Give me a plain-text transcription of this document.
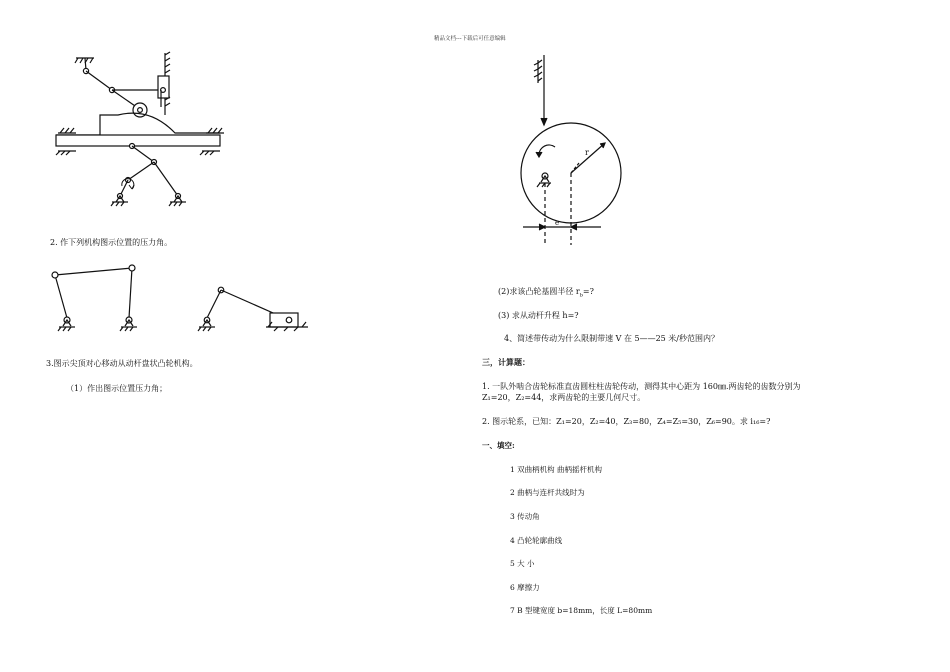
精品文档---下载后可任意编辑
2. 作下列机构图示位置的压力角。
3.图示尖顶对心移动从动杆盘状凸轮机构。
（1）作出图示位置压力角；
r
e
(2)求该凸轮基圆半径 $r_b=$?
(3) 求从动杆升程 h=?
4、简述带传动为什么限制带速 V 在 5——25 米/秒范围内？
三，计算题：
1. 一队外啮合齿轮标准直齿圆柱柱齿轮传动，测得其中心距为 160㎜.两齿轮的齿数分别为
Z₁=20，Z₂=44，求两齿轮的主要几何尺寸。
2. 图示轮系，已知：Z₁=20，Z₂=40，Z₃=80，Z₄=Z₅=30，Z₆=90。求 i₁₆=?
一、填空:
1 双曲柄机构 曲柄摇杆机构
2 曲柄与连杆共线时为
3 传动角
4 凸轮轮廓曲线
5 大 小
6 摩擦力
7 B 型键宽度 b=18mm，长度 L=80mm
